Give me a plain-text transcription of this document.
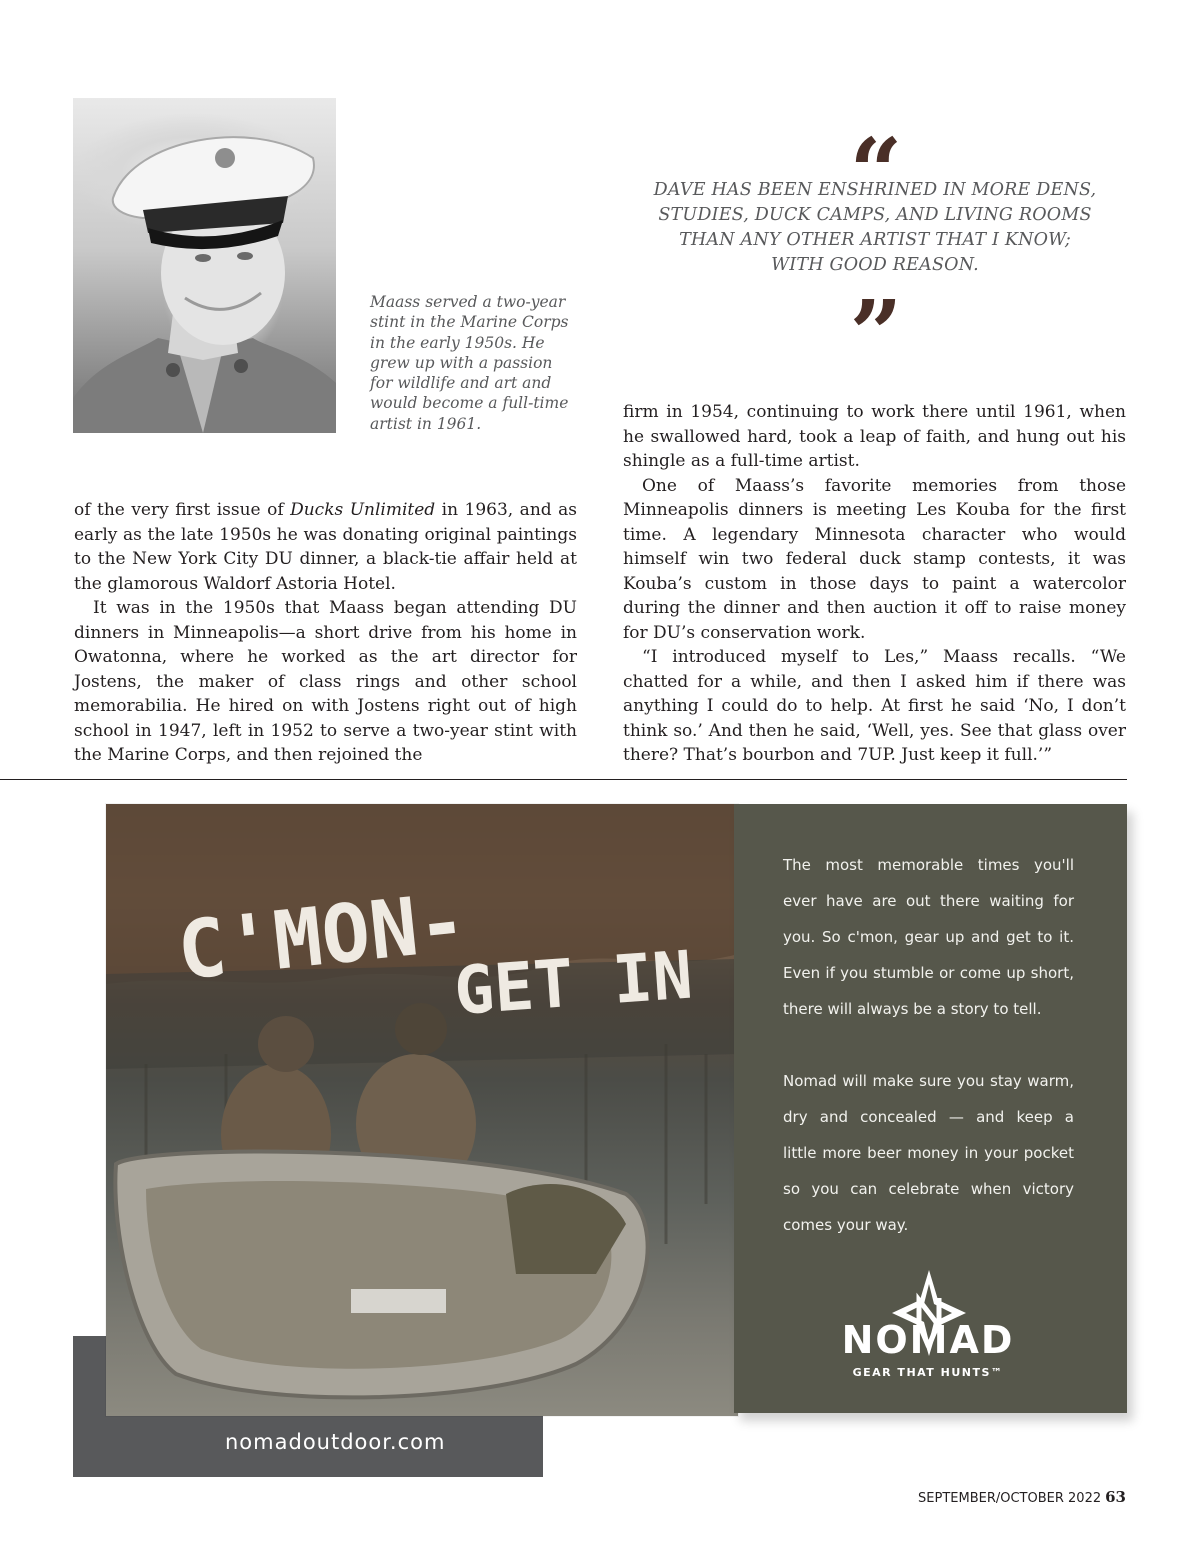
Maass served a two-year
stint in the Marine Corps
in the early 1950s. He
grew up with a passion
for wildlife and art and
would become a full-time
artist in 1961.
“
DAVE HAS BEEN ENSHRINED IN MORE DENS,
STUDIES, DUCK CAMPS, AND LIVING ROOMS
THAN ANY OTHER ARTIST THAT I KNOW;
WITH GOOD REASON.
”

of the very first issue of Ducks Unlimited in 1963, and as early as the late 1950s he was donating original paintings to the New York City DU dinner, a black-tie affair held at the glamorous Waldorf Astoria Hotel.

It was in the 1950s that Maass began attending DU dinners in Minneapolis—a short drive from his home in Owatonna, where he worked as the art director for Jostens, the maker of class rings and other school memorabilia. He hired on with Jostens right out of high school in 1947, left in 1952 to serve a two-year stint with the Marine Corps, and then rejoined the

firm in 1954, continuing to work there until 1961, when he swallowed hard, took a leap of faith, and hung out his shingle as a full-time artist.

One of Maass’s favorite memories from those Minneapolis dinners is meeting Les Kouba for the first time. A legendary Minnesota character who would himself win two federal duck stamp contests, it was Kouba’s custom in those days to paint a watercolor during the dinner and then auction it off to raise money for DU’s conservation work.

“I introduced myself to Les,” Maass recalls. “We chatted for a while, and then I asked him if there was anything I could do to help. At first he said ‘No, I don’t think so.’ And then he said, ‘Well, yes. See that glass over there? That’s bourbon and 7UP. Just keep it full.’”

nomadoutdoor.com
C'MON-
GET IN
The most memorable times you'll
ever have are out there waiting for
you. So c'mon, gear up and get to it.
Even if you stumble or come up short,
there will always be a story to tell.
Nomad will make sure you stay warm,
dry and concealed — and keep a
little more beer money in your pocket
so you can celebrate when victory
comes your way.
NOMAD
GEAR THAT HUNTS™
SEPTEMBER/OCTOBER 2022 63
